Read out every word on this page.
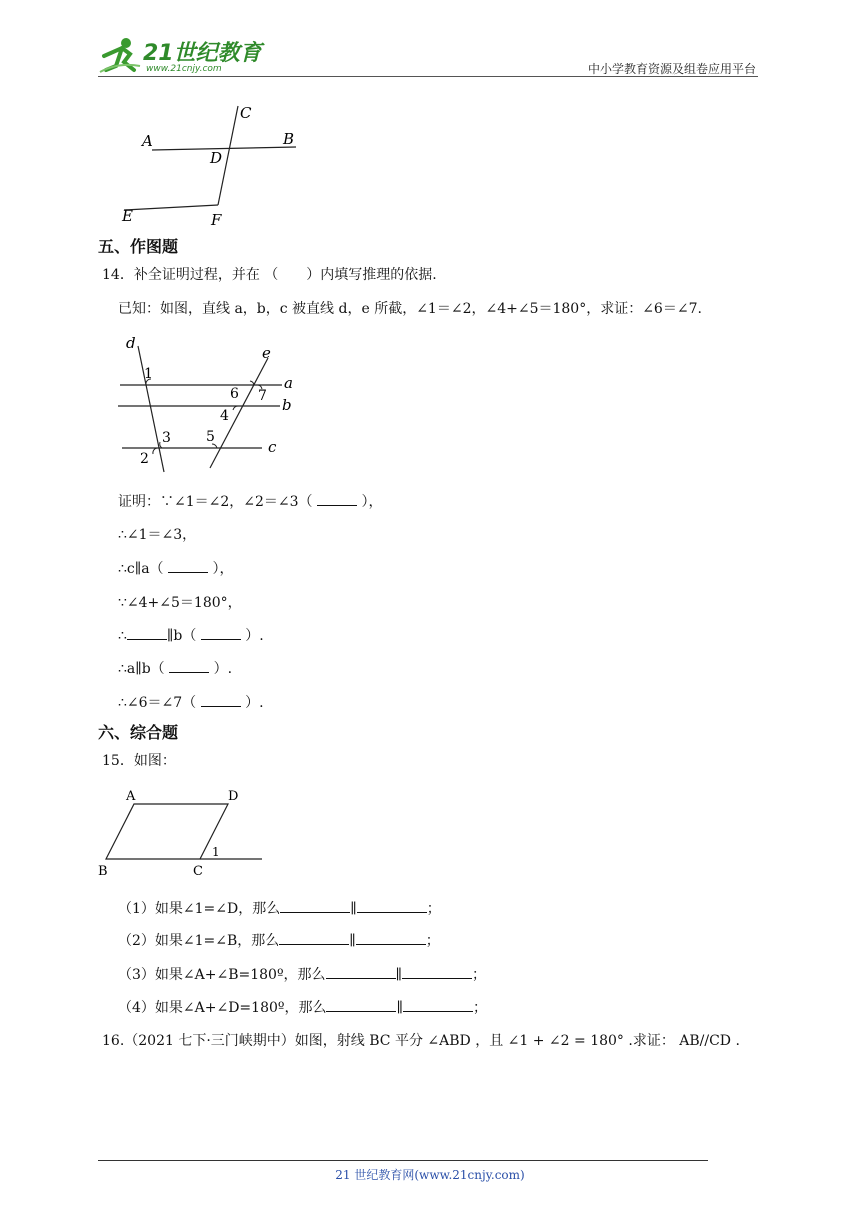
21世纪教育
www.21cnjy.com	中小学教育资源及组卷应用平台
C
A	B
D
E	F
五、作图题
14．补全证明过程，并在 （　　）内填写推理的依据.
已知：如图，直线 a，b，c 被直线 d，e 所截，∠1＝∠2，∠4+∠5＝180°，求证：∠6＝∠7.
d
e
a
b
c
1
2
3
4
5
6 7
证明：∵∠1＝∠2，∠2＝∠3（	），
∴∠1＝∠3，
∴c∥a（	），
∵∠4+∠5＝180°，
∴	∥b（	）.
∴a∥b（	）.
∴∠6＝∠7（	）.
六、综合题
15．如图：
A	D
B	C
1
（1）如果∠1=∠D，那么	∥	；
（2）如果∠1=∠B，那么	∥	；
（3）如果∠A+∠B=180º，那么	∥	；
（4）如果∠A+∠D=180º，那么	∥	；
16.（2021 七下·三门峡期中）如图，射线 BC 平分 ∠ABD ，且 ∠1 + ∠2 = 180° .求证： AB//CD .
21 世纪教育网(www.21cnjy.com)
